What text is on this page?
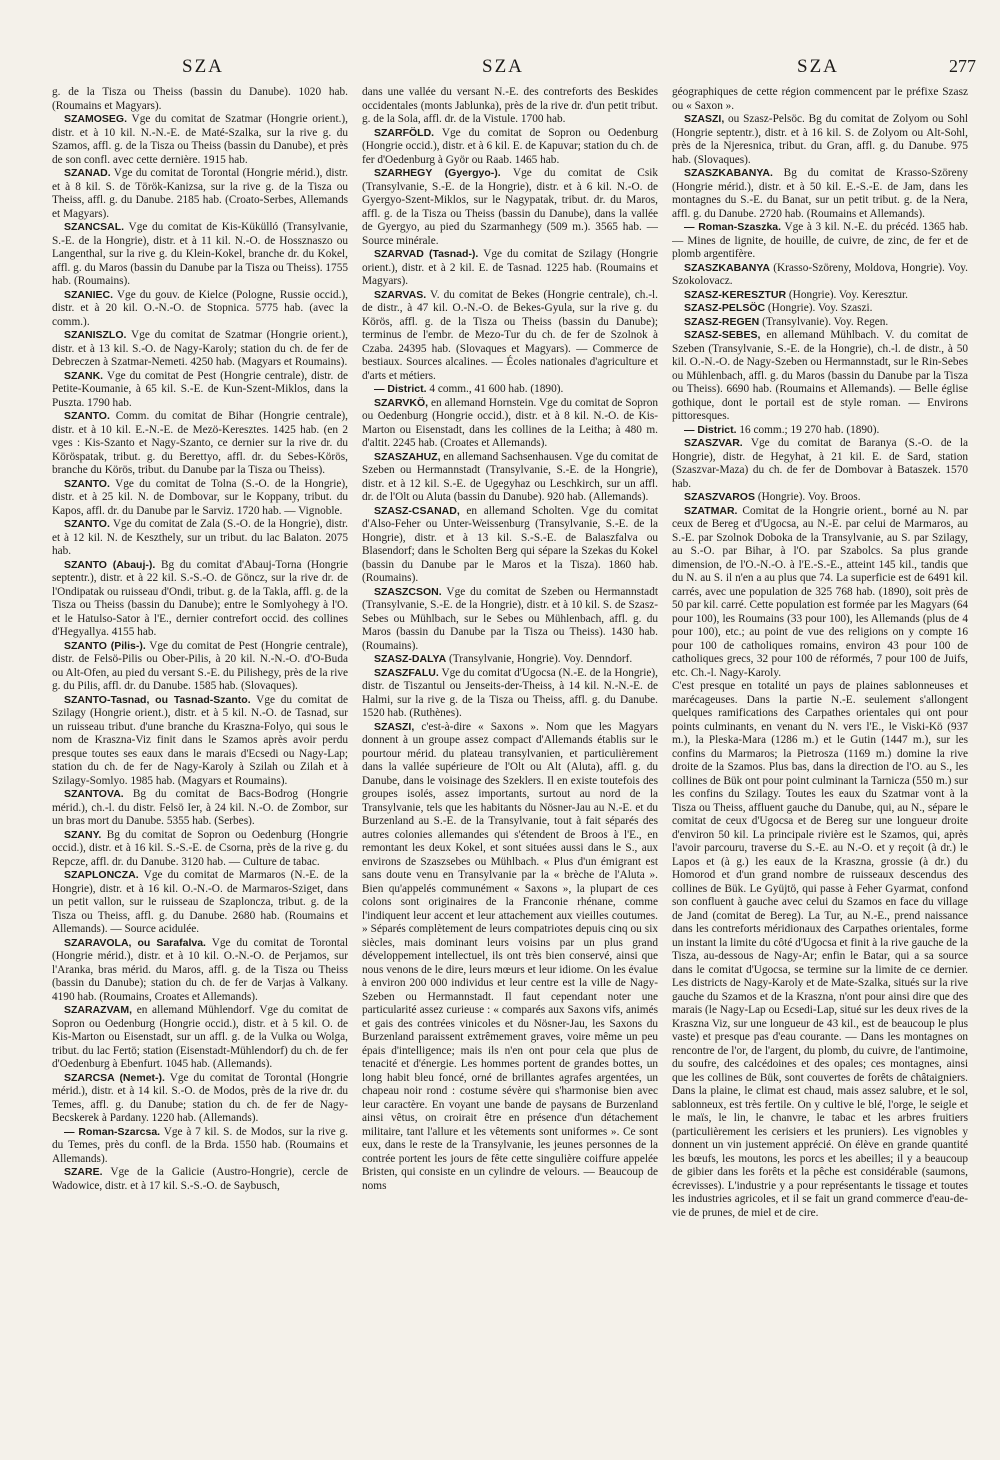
SZA	SZA	SZA	277

g. de la Tisza ou Theiss (bassin du Danube). 1020 hab. (Roumains et Magyars).

SZAMOSEG. Vge du comitat de Szatmar (Hongrie orient.), distr. et à 10 kil. N.-N.-E. de Maté-Szalka, sur la rive g. du Szamos, affl. g. de la Tisza ou Theiss (bassin du Danube), et près de son confl. avec cette dernière. 1915 hab.

SZANAD. Vge du comitat de Torontal (Hongrie mérid.), distr. et à 8 kil. S. de Török-Kanizsa, sur la rive g. de la Tisza ou Theiss, affl. g. du Danube. 2185 hab. (Croato-Serbes, Allemands et Magyars).

SZANCSAL. Vge du comitat de Kis-Kükülló (Transylvanie, S.-E. de la Hongrie), distr. et à 11 kil. N.-O. de Hossznaszo ou Langenthal, sur la rive g. du Klein-Kokel, branche dr. du Kokel, affl. g. du Maros (bassin du Danube par la Tisza ou Theiss). 1755 hab. (Roumains).

SZANIEC. Vge du gouv. de Kielce (Pologne, Russie occid.), distr. et à 20 kil. O.-N.-O. de Stopnica. 5775 hab. (avec la comm.).

SZANISZLO. Vge du comitat de Szatmar (Hongrie orient.), distr. et à 13 kil. S.-O. de Nagy-Karoly; station du ch. de fer de Debreczen à Szatmar-Nemeti. 4250 hab. (Magyars et Roumains).

SZANK. Vge du comitat de Pest (Hongrie centrale), distr. de Petite-Koumanie, à 65 kil. S.-E. de Kun-Szent-Miklos, dans la Puszta. 1790 hab.

SZANTO. Comm. du comitat de Bihar (Hongrie centrale), distr. et à 10 kil. E.-N.-E. de Mezö-Keresztes. 1425 hab. (en 2 vges : Kis-Szanto et Nagy-Szanto, ce dernier sur la rive dr. du Köröspatak, tribut. g. du Berettyo, affl. dr. du Sebes-Körös, branche du Körös, tribut. du Danube par la Tisza ou Theiss).

SZANTO. Vge du comitat de Tolna (S.-O. de la Hongrie), distr. et à 25 kil. N. de Dombovar, sur le Koppany, tribut. du Kapos, affl. dr. du Danube par le Sarviz. 1720 hab. — Vignoble.

SZANTO. Vge du comitat de Zala (S.-O. de la Hongrie), distr. et à 12 kil. N. de Keszthely, sur un tribut. du lac Balaton. 2075 hab.

SZANTO (Abauj-). Bg du comitat d'Abauj-Torna (Hongrie septentr.), distr. et à 22 kil. S.-S.-O. de Göncz, sur la rive dr. de l'Ondipatak ou ruisseau d'Ondi, tribut. g. de la Takla, affl. g. de la Tisza ou Theiss (bassin du Danube); entre le Somlyohegy à l'O. et le Hatulso-Sator à l'E., dernier contrefort occid. des collines d'Hegyallya. 4155 hab.

SZANTO (Pilis-). Vge du comitat de Pest (Hongrie centrale), distr. de Felsö-Pilis ou Ober-Pilis, à 20 kil. N.-N.-O. d'O-Buda ou Alt-Ofen, au pied du versant S.-E. du Pilishegy, près de la rive g. du Pilis, affl. dr. du Danube. 1585 hab. (Slovaques).

SZANTO-Tasnad, ou Tasnad-Szanto. Vge du comitat de Szilagy (Hongrie orient.), distr. et à 5 kil. N.-O. de Tasnad, sur un ruisseau tribut. d'une branche du Kraszna-Folyo, qui sous le nom de Kraszna-Viz finit dans le Szamos après avoir perdu presque toutes ses eaux dans le marais d'Ecsedi ou Nagy-Lap; station du ch. de fer de Nagy-Karoly à Szilah ou Zilah et à Szilagy-Somlyo. 1985 hab. (Magyars et Roumains).

SZANTOVA. Bg du comitat de Bacs-Bodrog (Hongrie mérid.), ch.-l. du distr. Felsö Ier, à 24 kil. N.-O. de Zombor, sur un bras mort du Danube. 5355 hab. (Serbes).

SZANY. Bg du comitat de Sopron ou Oedenburg (Hongrie occid.), distr. et à 16 kil. S.-S.-E. de Csorna, près de la rive g. du Repcze, affl. dr. du Danube. 3120 hab. — Culture de tabac.

SZAPLONCZA. Vge du comitat de Marmaros (N.-E. de la Hongrie), distr. et à 16 kil. O.-N.-O. de Marmaros-Sziget, dans un petit vallon, sur le ruisseau de Szaploncza, tribut. g. de la Tisza ou Theiss, affl. g. du Danube. 2680 hab. (Roumains et Allemands). — Source acidulée.

SZARAVOLA, ou Sarafalva. Vge du comitat de Torontal (Hongrie mérid.), distr. et à 10 kil. O.-N.-O. de Perjamos, sur l'Aranka, bras mérid. du Maros, affl. g. de la Tisza ou Theiss (bassin du Danube); station du ch. de fer de Varjas à Valkany. 4190 hab. (Roumains, Croates et Allemands).

SZARAZVAM, en allemand Mühlendorf. Vge du comitat de Sopron ou Oedenburg (Hongrie occid.), distr. et à 5 kil. O. de Kis-Marton ou Eisenstadt, sur un affl. g. de la Vulka ou Wolga, tribut. du lac Fertö; station (Eisenstadt-Mühlendorf) du ch. de fer d'Oedenburg à Ebenfurt. 1045 hab. (Allemands).

SZARCSA (Nemet-). Vge du comitat de Torontal (Hongrie mérid.), distr. et à 14 kil. S.-O. de Modos, près de la rive dr. du Temes, affl. g. du Danube; station du ch. de fer de Nagy-Becskerek à Pardany. 1220 hab. (Allemands).

— Roman-Szarcsa. Vge à 7 kil. S. de Modos, sur la rive g. du Temes, près du confl. de la Brda. 1550 hab. (Roumains et Allemands).

SZARE. Vge de la Galicie (Austro-Hongrie), cercle de Wadowice, distr. et à 17 kil. S.-S.-O. de Saybusch,

dans une vallée du versant N.-E. des contreforts des Beskides occidentales (monts Jablunka), près de la rive dr. d'un petit tribut. g. de la Sola, affl. dr. de la Vistule. 1700 hab.

SZARFÖLD. Vge du comitat de Sopron ou Oedenburg (Hongrie occid.), distr. et à 6 kil. E. de Kapuvar; station du ch. de fer d'Oedenburg à Györ ou Raab. 1465 hab.

SZARHEGY (Gyergyo-). Vge du comitat de Csik (Transylvanie, S.-E. de la Hongrie), distr. et à 6 kil. N.-O. de Gyergyo-Szent-Miklos, sur le Nagypatak, tribut. dr. du Maros, affl. g. de la Tisza ou Theiss (bassin du Danube), dans la vallée de Gyergyo, au pied du Szarmanhegy (509 m.). 3565 hab. — Source minérale.

SZARVAD (Tasnad-). Vge du comitat de Szilagy (Hongrie orient.), distr. et à 2 kil. E. de Tasnad. 1225 hab. (Roumains et Magyars).

SZARVAS. V. du comitat de Bekes (Hongrie centrale), ch.-l. de distr., à 47 kil. O.-N.-O. de Bekes-Gyula, sur la rive g. du Körös, affl. g. de la Tisza ou Theiss (bassin du Danube); terminus de l'embr. de Mezo-Tur du ch. de fer de Szolnok à Czaba. 24395 hab. (Slovaques et Magyars). — Commerce de bestiaux. Sources alcalines. — Écoles nationales d'agriculture et d'arts et métiers.

— District. 4 comm., 41 600 hab. (1890).

SZARVKÖ, en allemand Hornstein. Vge du comitat de Sopron ou Oedenburg (Hongrie occid.), distr. et à 8 kil. N.-O. de Kis-Marton ou Eisenstadt, dans les collines de la Leitha; à 480 m. d'altit. 2245 hab. (Croates et Allemands).

SZASZAHUZ, en allemand Sachsenhausen. Vge du comitat de Szeben ou Hermannstadt (Transylvanie, S.-E. de la Hongrie), distr. et à 12 kil. S.-E. de Ugegyhaz ou Leschkirch, sur un affl. dr. de l'Olt ou Aluta (bassin du Danube). 920 hab. (Allemands).

SZASZ-CSANAD, en allemand Scholten. Vge du comitat d'Also-Feher ou Unter-Weissenburg (Transylvanie, S.-E. de la Hongrie), distr. et à 13 kil. S.-S.-E. de Balaszfalva ou Blasendorf; dans le Scholten Berg qui sépare la Szekas du Kokel (bassin du Danube par le Maros et la Tisza). 1860 hab. (Roumains).

SZASZCSON. Vge du comitat de Szeben ou Hermannstadt (Transylvanie, S.-E. de la Hongrie), distr. et à 10 kil. S. de Szasz-Sebes ou Mühlbach, sur le Sebes ou Mühlenbach, affl. g. du Maros (bassin du Danube par la Tisza ou Theiss). 1430 hab. (Roumains).

SZASZ-DALYA (Transylvanie, Hongrie). Voy. Denndorf.

SZASZFALU. Vge du comitat d'Ugocsa (N.-E. de la Hongrie), distr. de Tiszantul ou Jenseits-der-Theiss, à 14 kil. N.-N.-E. de Halmi, sur la rive g. de la Tisza ou Theiss, affl. g. du Danube. 1520 hab. (Ruthènes).

SZASZI, c'est-à-dire « Saxons ». Nom que les Magyars donnent à un groupe assez compact d'Allemands établis sur le pourtour mérid. du plateau transylvanien, et particulièrement dans la vallée supérieure de l'Olt ou Alt (Aluta), affl. g. du Danube, dans le voisinage des Szeklers. Il en existe toutefois des groupes isolés, assez importants, surtout au nord de la Transylvanie, tels que les habitants du Nösner-Jau au N.-E. et du Burzenland au S.-E. de la Transylvanie, tout à fait séparés des autres colonies allemandes qui s'étendent de Broos à l'E., en remontant les deux Kokel, et sont situées aussi dans le S., aux environs de Szaszsebes ou Mühlbach. « Plus d'un émigrant est sans doute venu en Transylvanie par la « brèche de l'Aluta ». Bien qu'appelés communément « Saxons », la plupart de ces colons sont originaires de la Franconie rhénane, comme l'indiquent leur accent et leur attachement aux vieilles coutumes. » Séparés complètement de leurs compatriotes depuis cinq ou six siècles, mais dominant leurs voisins par un plus grand développement intellectuel, ils ont très bien conservé, ainsi que nous venons de le dire, leurs mœurs et leur idiome. On les évalue à environ 200 000 individus et leur centre est la ville de Nagy-Szeben ou Hermannstadt. Il faut cependant noter une particularité assez curieuse : « comparés aux Saxons vifs, animés et gais des contrées vinicoles et du Nösner-Jau, les Saxons du Burzenland paraissent extrêmement graves, voire même un peu épais d'intelligence; mais ils n'en ont pour cela que plus de tenacité et d'énergie. Les hommes portent de grandes bottes, un long habit bleu foncé, orné de brillantes agrafes argentées, un chapeau noir rond : costume sévère qui s'harmonise bien avec leur caractère. En voyant une bande de paysans de Burzenland ainsi vêtus, on croirait être en présence d'un détachement militaire, tant l'allure et les vêtements sont uniformes ». Ce sont eux, dans le reste de la Transylvanie, les jeunes personnes de la contrée portent les jours de fête cette singulière coiffure appelée Bristen, qui consiste en un cylindre de velours. — Beaucoup de noms

géographiques de cette région commencent par le préfixe Szasz ou « Saxon ».

SZASZI, ou Szasz-Pelsöc. Bg du comitat de Zolyom ou Sohl (Hongrie septentr.), distr. et à 16 kil. S. de Zolyom ou Alt-Sohl, près de la Njeresnica, tribut. du Gran, affl. g. du Danube. 975 hab. (Slovaques).

SZASZKABANYA. Bg du comitat de Krasso-Szöreny (Hongrie mérid.), distr. et à 50 kil. E.-S.-E. de Jam, dans les montagnes du S.-E. du Banat, sur un petit tribut. g. de la Nera, affl. g. du Danube. 2720 hab. (Roumains et Allemands).

— Roman-Szaszka. Vge à 3 kil. N.-E. du précéd. 1365 hab. — Mines de lignite, de houille, de cuivre, de zinc, de fer et de plomb argentifère.

SZASZKABANYA (Krasso-Szöreny, Moldova, Hongrie). Voy. Szokolovacz.

SZASZ-KERESZTUR (Hongrie). Voy. Keresztur.

SZASZ-PELSÖC (Hongrie). Voy. Szaszi.

SZASZ-REGEN (Transylvanie). Voy. Regen.

SZASZ-SEBES, en allemand Mühlbach. V. du comitat de Szeben (Transylvanie, S.-E. de la Hongrie), ch.-l. de distr., à 50 kil. O.-N.-O. de Nagy-Szeben ou Hermannstadt, sur le Rin-Sebes ou Mühlenbach, affl. g. du Maros (bassin du Danube par la Tisza ou Theiss). 6690 hab. (Roumains et Allemands). — Belle église gothique, dont le portail est de style roman. — Environs pittoresques.

— District. 16 comm.; 19 270 hab. (1890).

SZASZVAR. Vge du comitat de Baranya (S.-O. de la Hongrie), distr. de Hegyhat, à 21 kil. E. de Sard, station (Szaszvar-Maza) du ch. de fer de Dombovar à Bataszek. 1570 hab.

SZASZVAROS (Hongrie). Voy. Broos.

SZATMAR. Comitat de la Hongrie orient., borné au N. par ceux de Bereg et d'Ugocsa, au N.-E. par celui de Marmaros, au S.-E. par Szolnok Doboka de la Transylvanie, au S. par Szilagy, au S.-O. par Bihar, à l'O. par Szabolcs. Sa plus grande dimension, de l'O.-N.-O. à l'E.-S.-E., atteint 145 kil., tandis que du N. au S. il n'en a au plus que 74. La superficie est de 6491 kil. carrés, avec une population de 325 768 hab. (1890), soit près de 50 par kil. carré. Cette population est formée par les Magyars (64 pour 100), les Roumains (33 pour 100), les Allemands (plus de 4 pour 100), etc.; au point de vue des religions on y compte 16 pour 100 de catholiques romains, environ 43 pour 100 de catholiques grecs, 32 pour 100 de réformés, 7 pour 100 de Juifs, etc. Ch.-l. Nagy-Karoly.

C'est presque en totalité un pays de plaines sablonneuses et marécageuses. Dans la partie N.-E. seulement s'allongent quelques ramifications des Carpathes orientales qui ont pour points culminants, en venant du N. vers l'E., le Viski-Kö (937 m.), la Pleska-Mara (1286 m.) et le Gutin (1447 m.), sur les confins du Marmaros; la Pietrosza (1169 m.) domine la rive droite de la Szamos. Plus bas, dans la direction de l'O. au S., les collines de Bük ont pour point culminant la Tarnicza (550 m.) sur les confins du Szilagy. Toutes les eaux du Szatmar vont à la Tisza ou Theiss, affluent gauche du Danube, qui, au N., sépare le comitat de ceux d'Ugocsa et de Bereg sur une longueur droite d'environ 50 kil. La principale rivière est le Szamos, qui, après l'avoir parcouru, traverse du S.-E. au N.-O. et y reçoit (à dr.) le Lapos et (à g.) les eaux de la Kraszna, grossie (à dr.) du Homorod et d'un grand nombre de ruisseaux descendus des collines de Bük. Le Gyüjtö, qui passe à Feher Gyarmat, confond son confluent à gauche avec celui du Szamos en face du village de Jand (comitat de Bereg). La Tur, au N.-E., prend naissance dans les contreforts méridionaux des Carpathes orientales, forme un instant la limite du côté d'Ugocsa et finit à la rive gauche de la Tisza, au-dessous de Nagy-Ar; enfin le Batar, qui a sa source dans le comitat d'Ugocsa, se termine sur la limite de ce dernier. Les districts de Nagy-Karoly et de Mate-Szalka, situés sur la rive gauche du Szamos et de la Kraszna, n'ont pour ainsi dire que des marais (le Nagy-Lap ou Ecsedi-Lap, situé sur les deux rives de la Kraszna Viz, sur une longueur de 43 kil., est de beaucoup le plus vaste) et presque pas d'eau courante. — Dans les montagnes on rencontre de l'or, de l'argent, du plomb, du cuivre, de l'antimoine, du soufre, des calcédoines et des opales; ces montagnes, ainsi que les collines de Bük, sont couvertes de forêts de châtaigniers. Dans la plaine, le climat est chaud, mais assez salubre, et le sol, sablonneux, est très fertile. On y cultive le blé, l'orge, le seigle et le maïs, le lin, le chanvre, le tabac et les arbres fruitiers (particulièrement les cerisiers et les pruniers). Les vignobles y donnent un vin justement apprécié. On élève en grande quantité les bœufs, les moutons, les porcs et les abeilles; il y a beaucoup de gibier dans les forêts et la pêche est considérable (saumons, écrevisses). L'industrie y a pour représentants le tissage et toutes les industries agricoles, et il se fait un grand commerce d'eau-de-vie de prunes, de miel et de cire.
